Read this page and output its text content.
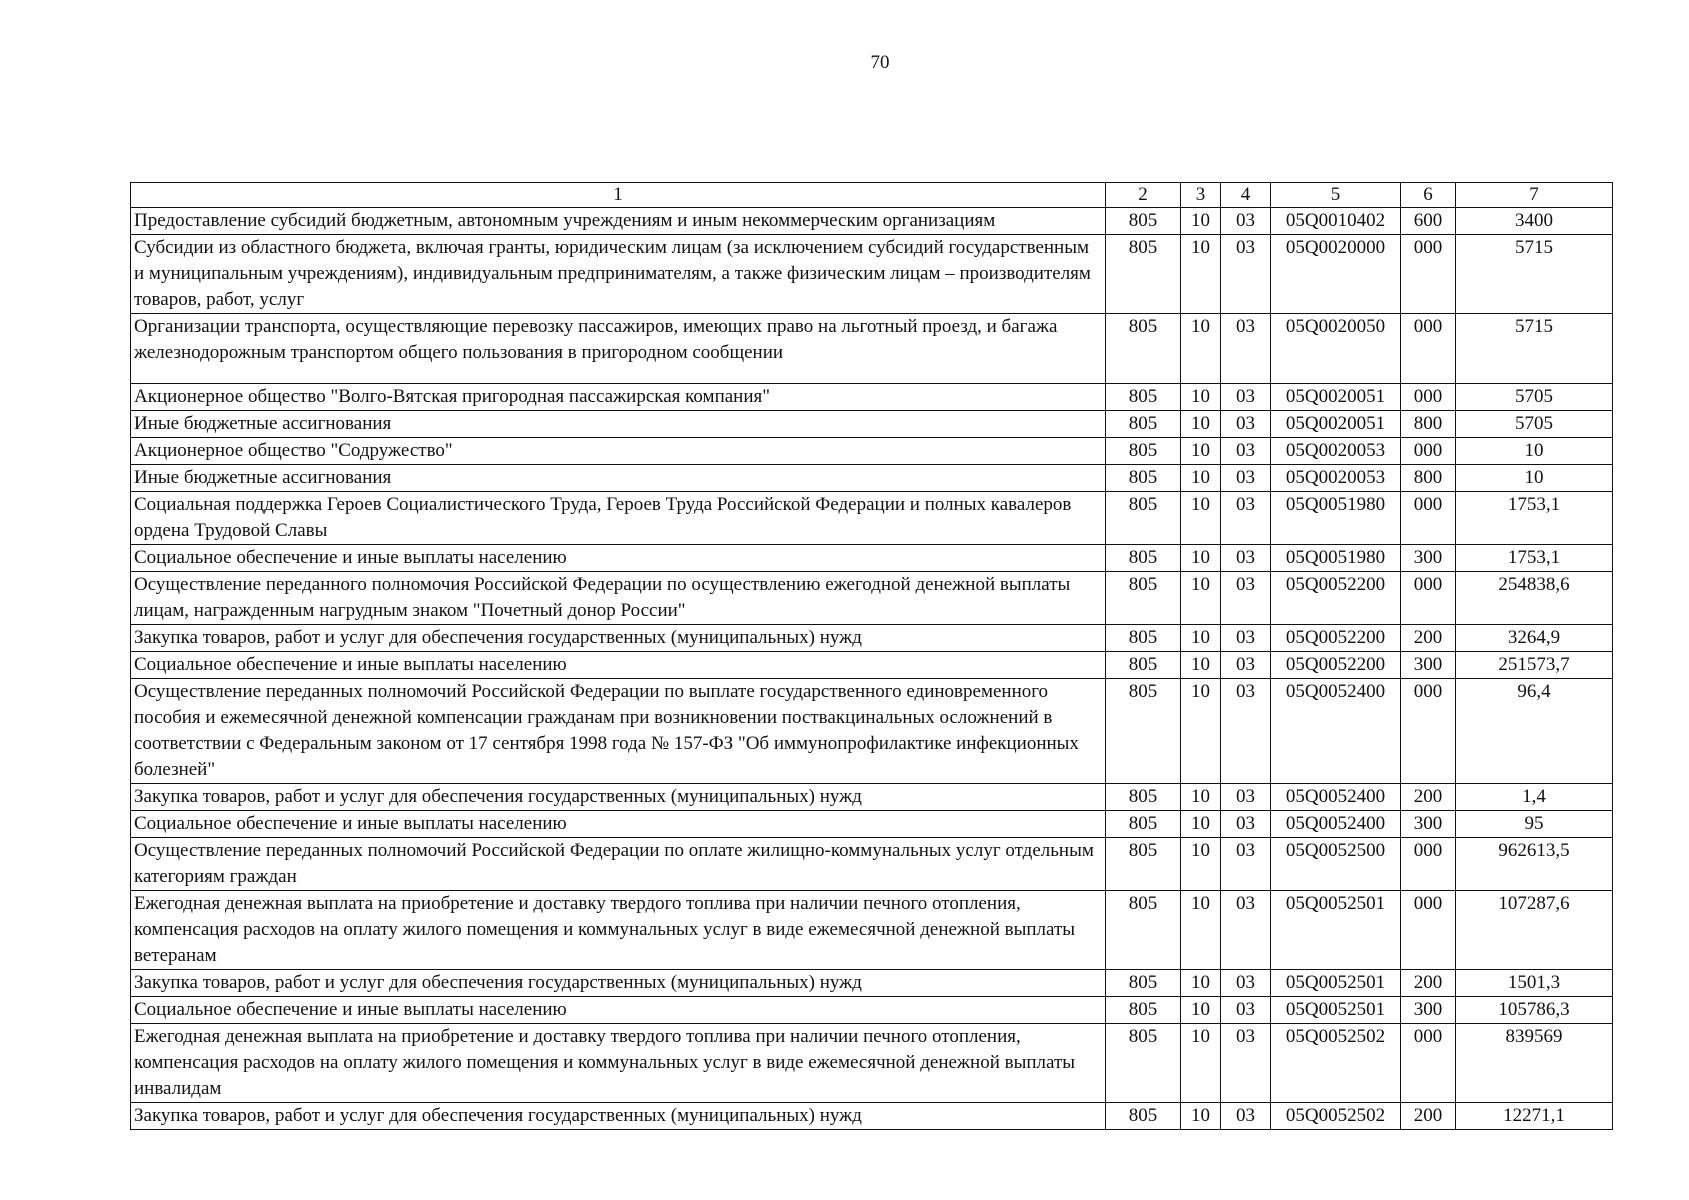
70
1	2	3	4	5	6	7
Предоставление субсидий бюджетным, автономным учреждениям и иным некоммерческим организациям	805	10	03	05Q0010402	600	3400
Субсидии из областного бюджета, включая гранты, юридическим лицам (за исключением субсидий государственным и муниципальным учреждениям), индивидуальным предпринимателям, а также физическим лицам – производителям товаров, работ, услуг	805	10	03	05Q0020000	000	5715
Организации транспорта, осуществляющие перевозку пассажиров, имеющих право на льготный проезд, и багажа железнодорожным транспортом общего пользования в пригородном сообщении	805	10	03	05Q0020050	000	5715
Акционерное общество "Волго-Вятская пригородная пассажирская компания"	805	10	03	05Q0020051	000	5705
Иные бюджетные ассигнования	805	10	03	05Q0020051	800	5705
Акционерное общество "Содружество"	805	10	03	05Q0020053	000	10
Иные бюджетные ассигнования	805	10	03	05Q0020053	800	10
Социальная поддержка Героев Социалистического Труда, Героев Труда Российской Федерации и полных кавалеров ордена Трудовой Славы	805	10	03	05Q0051980	000	1753,1
Социальное обеспечение и иные выплаты населению	805	10	03	05Q0051980	300	1753,1
Осуществление переданного полномочия Российской Федерации по осуществлению ежегодной денежной выплаты лицам, награжденным нагрудным знаком "Почетный донор России"	805	10	03	05Q0052200	000	254838,6
Закупка товаров, работ и услуг для обеспечения государственных (муниципальных) нужд	805	10	03	05Q0052200	200	3264,9
Социальное обеспечение и иные выплаты населению	805	10	03	05Q0052200	300	251573,7
Осуществление переданных полномочий Российской Федерации по выплате государственного единовременного пособия и ежемесячной денежной компенсации гражданам при возникновении поствакцинальных осложнений в соответствии с Федеральным законом от 17 сентября 1998 года № 157-ФЗ "Об иммунопрофилактике инфекционных болезней"	805	10	03	05Q0052400	000	96,4
Закупка товаров, работ и услуг для обеспечения государственных (муниципальных) нужд	805	10	03	05Q0052400	200	1,4
Социальное обеспечение и иные выплаты населению	805	10	03	05Q0052400	300	95
Осуществление переданных полномочий Российской Федерации по оплате жилищно-коммунальных услуг отдельным категориям граждан	805	10	03	05Q0052500	000	962613,5
Ежегодная денежная выплата на приобретение и доставку твердого топлива при наличии печного отопления, компенсация расходов на оплату жилого помещения и коммунальных услуг в виде ежемесячной денежной выплаты ветеранам	805	10	03	05Q0052501	000	107287,6
Закупка товаров, работ и услуг для обеспечения государственных (муниципальных) нужд	805	10	03	05Q0052501	200	1501,3
Социальное обеспечение и иные выплаты населению	805	10	03	05Q0052501	300	105786,3
Ежегодная денежная выплата на приобретение и доставку твердого топлива при наличии печного отопления, компенсация расходов на оплату жилого помещения и коммунальных услуг в виде ежемесячной денежной выплаты инвалидам	805	10	03	05Q0052502	000	839569
Закупка товаров, работ и услуг для обеспечения государственных (муниципальных) нужд	805	10	03	05Q0052502	200	12271,1
